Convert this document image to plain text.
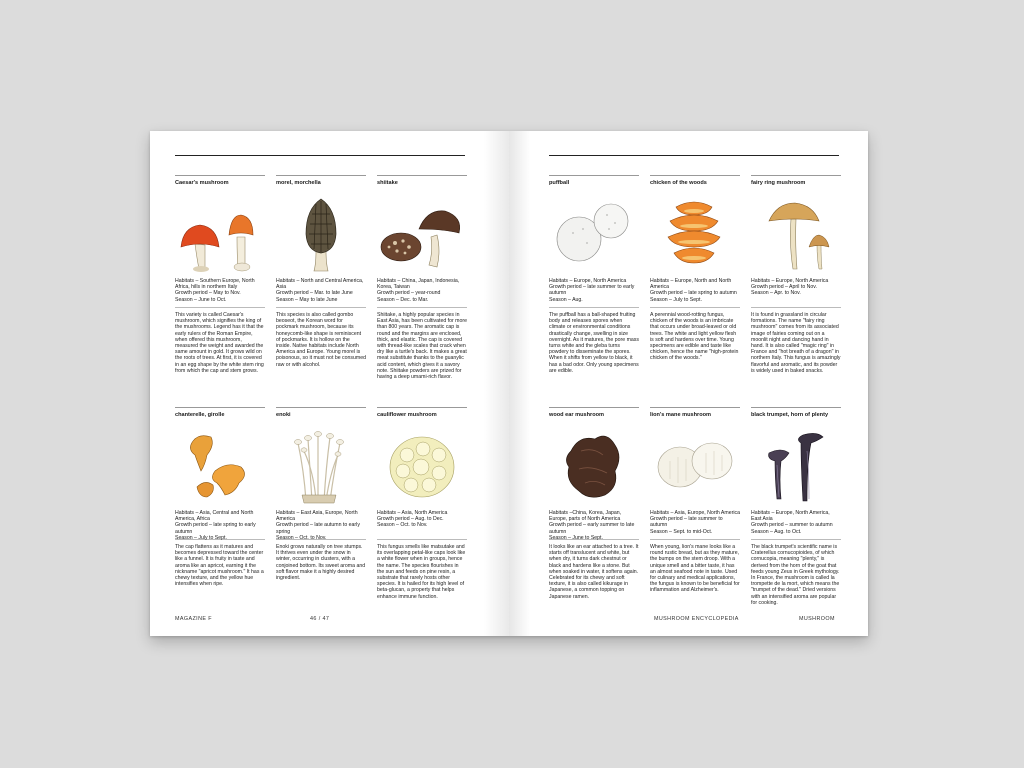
Caesar's mushroom
Habitats – Southern Europe, North Africa, hills in northern Italy
Growth period – May to Nov.
Season – June to Oct.
This variety is called Caesar's mushroom, which signifies the king of the mushrooms. Legend has it that the early rulers of the Roman Empire, when offered this mushroom, measured the weight and awarded the same amount in gold. It grows wild on the roots of trees. At first, it is covered in an egg shape by the white stem ring from which the cap and stem grows.
morel, morchella
Habitats – North and Central America, Asia
Growth period – Mar. to late June
Season – May to late June
This species is also called gombo beoseot, the Korean word for pockmark mushroom, because its honeycomb-like shape is reminiscent of pockmarks. It is hollow on the inside. Native habitats include North America and Europe. Young morel is poisonous, so it must not be consumed raw or with alcohol.
shiitake
Habitats – China, Japan, Indonesia, Korea, Taiwan
Growth period – year-round
Season – Dec. to Mar.
Shiitake, a highly popular species in East Asia, has been cultivated for more than 800 years. The aromatic cap is round and the margins are enclosed, thick, and elastic. The cap is covered with thread-like scales that crack when dry like a turtle's back. It makes a great meat substitute thanks to the guanylic acid content, which gives it a savory note. Shiitake powders are prized for having a deep umami-rich flavor.
chanterelle, girolle
Habitats – Asia, Central and North America, Africa
Growth period – late spring to early autumn
Season – July to Sept.
The cap flattens as it matures and becomes depressed toward the center like a funnel. It is fruity in taste and aroma like an apricot, earning it the nickname "apricot mushroom." It has a chewy texture, and the yellow hue intensifies when ripe.
enoki
Habitats – East Asia, Europe, North America
Growth period – late autumn to early spring
Season – Oct. to Nov.
Enoki grows naturally on tree stumps. It thrives even under the snow in winter, occurring in clusters, with a conjoined bottom. Its sweet aroma and soft flavor make it a highly desired ingredient.
cauliflower mushroom
Habitats – Asia, North America
Growth period – Aug. to Dec.
Season – Oct. to Nov.
This fungus smells like matsutake and its overlapping petal-like caps look like a white flower when in groups, hence the name. The species flourishes in the sun and feeds on pine resin, a substrate that rarely hosts other species. It is hailed for its high level of beta-glucan, a property that helps enhance immune function.
MAGAZINE F	46 / 47
puffball
Habitats – Europe, North America
Growth period – late summer to early autumn
Season – Aug.
The puffball has a ball-shaped fruiting body and releases spores when climate or environmental conditions drastically change, swelling in size overnight. As it matures, the pore mass turns white and the gleba turns powdery to disseminate the spores. When it shifts from yellow to black, it has a bad odor. Only young specimens are edible.
chicken of the woods
Habitats – Europe, North and North America
Growth period – late spring to autumn
Season – July to Sept.
A perennial wood-rotting fungus, chicken of the woods is an imbricate that occurs under broad-leaved or old trees. The white and light yellow flesh is soft and hardens over time. Young specimens are edible and taste like chicken, hence the name "high-protein chicken of the woods."
fairy ring mushroom
Habitats – Europe, North America
Growth period – April to Nov.
Season – Apr. to Nov.
It is found in grassland in circular formations. The name "fairy ring mushroom" comes from its associated image of fairies coming out on a moonlit night and dancing hand in hand. It is also called "magic ring" in France and "hot breath of a dragon" in northern Italy. This fungus is amazingly flavorful and aromatic, and its powder is widely used in baked snacks.
wood ear mushroom
Habitats –China, Korea, Japan, Europe, parts of North America
Growth period – early summer to late autumn
Season – June to Sept.
It looks like an ear attached to a tree. It starts off translucent and white, but when dry, it turns dark chestnut or black and hardens like a stone. But when soaked in water, it softens again. Celebrated for its chewy and soft texture, it is also called kikurage in Japanese, a common topping on Japanese ramen.
lion's mane mushroom
Habitats – Asia, Europe, North America
Growth period – late summer to autumn
Season – Sept. to mid-Oct.
When young, lion's mane looks like a round rustic bread, but as they mature, the bumps on the stem droop. With a unique smell and a bitter taste, it has an almost seafood note in taste. Used for culinary and medical applications, the fungus is known to be beneficial for inflammation and Alzheimer's.
black trumpet, horn of plenty
Habitats – Europe, North America, East Asia
Growth period – summer to autumn
Season – Aug. to Oct.
The black trumpet's scientific name is Craterellus cornucopioides, of which cornucopia, meaning "plenty," is derived from the horn of the goat that feeds young Zeus in Greek mythology. In France, the mushroom is called la trompette de la mort, which means the "trumpet of the dead." Dried versions with an intensified aroma are popular for cooking.
MUSHROOM ENCYCLOPEDIA	MUSHROOM
